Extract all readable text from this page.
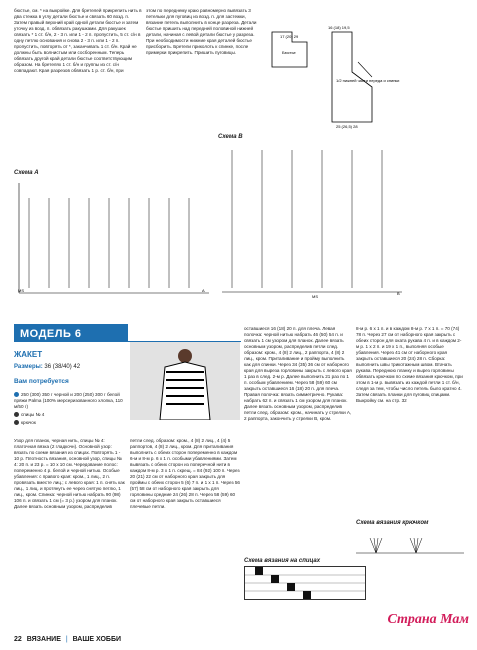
бюстье, см. * на выкройке. Для бретелей прикрепить нить в два стежка в углу детали бюстье и связать 60 возд. п. Затем правый верхний край одной детали бюстье и затем уточку из возд. п. обвязать ракушками. Для ракушек связать * 1 ст. б/н, 2 - 3 п. или 1 - 2 п. пропустить, 5 ст. с/н в одну петлю основания и снова 2 - 3 п. или 1 - 2 п. пропустить, повторять от *, заканчивать 1 ст. б/н. Край не должны быть волнистым или сосборенным. Теперь обвязать другой край детали бюстье соответствующим образом. На бретелях 1 ст. б/н и группы из ст. с/н совпадают. Края разрезов обвязать 1 р. ст. б/н, при
этом по переднему краю равномерно вывязать 3 петельки для пуговиц из возд. п. для застежки, вязание петель выполнить в конце разреза. Детали бюстье пришить над передней половиной нижней детали, начиная с левой детали бюстье у разреза. При необходимости нижние края деталей бюстье присборить. Бретели приколоть к спинке, после примерки прикрепить. Пришить пуговицы.
16 (18) 19,5
17 (20) 29
Бюстье
1/2 нижней части переда и спинки
25 (26,5) 28
Схема А
MS	A
Схема В
MS
B
МОДЕЛЬ 6
ЖАКЕТ
Размеры: 36 (38/40) 42
Вам потребуется
250 (300) 350 г черной и 200 (250) 300 г белой пряжи Palma (100% мерсеризованного хлопка, 110 м/50 г)
спицы № 4
крючок
Узор для планок, черная нить, спицы № 4: платочная вязка (2 гладкочн). Основной узор: вязать по схеме вязания из спицах. Повторять 1 - 10 р. Плотность вязания, основной узор, спицы № 4: 20 п. и 23 р. = 10 х 10 см. Чередование полос: попеременно 4 р. белой и черной нитью. Особые убавления: с правого края: кром., 1 лиц., 2 п. провязать вместе лиц.; с левого края: 1 п. снять как лиц., 1 лиц. и протянуть ее через снятую петлю, 1 лиц., кром. Спинка: черной нитью набрать 90 (98) 106 п. и связать 1 см (= 3 р.) узором для планок. Далее вязать основным узором, распределив
петли след. образом: кром., 4 (8) 2 лиц., 4 (4) 5 раппортов, 4 (8) 2 лиц., кром. Для приталивания выполнить с обеих сторон попеременно в каждом 6-м и 8-м р. 6 х 1 п. особыми убавлениями. Затем вывязать с обеих сторон из поперечной нити в каждом 8-м р. 3 х 1 п. скрещ. = 84 (92) 100 п. Через 20 (21) 22 см от наборного края закрыть для проймы с обеих сторон 5 (6) 7 п. и 1 х 1 п. Через 56 (57) 58 см от наборного края закрыть для горловины средние 24 (26) 28 п. Через 58 (59) 60 см от наборного края закрыть оставшиеся плечевые петли.
оставшиеся 16 (18) 20 п. для плеча. Левая полочка: черной нитью набрать 46 (50) 54 п. и связать 1 см узором для планок. Далее вязать основным узором, распределив петли след. образом: кром., 4 (8) 2 лиц., 2 раппорта, 4 (8) 2 лиц., кром. Приталивание и пройму выполнить как для спинки. Через 34 (35) 36 см от наборного края для выреза горловины закрыть с левого края 1 раз в след. 2-м р. Далее выполнить 21 раз по 1 п. особым убавлением. Через 58 (59) 60 см закрыть оставшиеся 16 (18) 20 п. для плеча. Правая полочка: вязать симметрично. Рукава: набрать 62 п. и связать 1 см узором для планок. Далее вязать основным узором, распределив петли след. образом: кром., начинать у стрелки А, 2 раппорта, закончить у стрелки В, кром.
8-м р. 6 х 1 п. и в каждом 8-м р. 7 х 1 п. = 70 (74) 78 п. Через 27 см от наборного края закрыть с обеих сторон для оката рукава 4 п. и в каждом 2-м р. 1 х 2 п. и 19 х 1 п., выполняя особые убавления. Через 41 см от наборного края закрыть оставшиеся 20 (24) 28 п. Сборка: выполнить швы трикотажным швом. Втачать рукава. Переднюю планку и вырез горловины обвязать крючком по схеме вязания крючком, при этом в 1-м р. вывязать из каждой петли 1 ст. б/н, следя за тем, чтобы число петель было кратно 4. Затем связать планки для пуговиц спицами. Выкройку см. на стр. 32
Схема вязания крючком
Схема вязания на спицах
22 ВЯЗАНИЕ | ВАШЕ ХОББИ
Страна Мам
